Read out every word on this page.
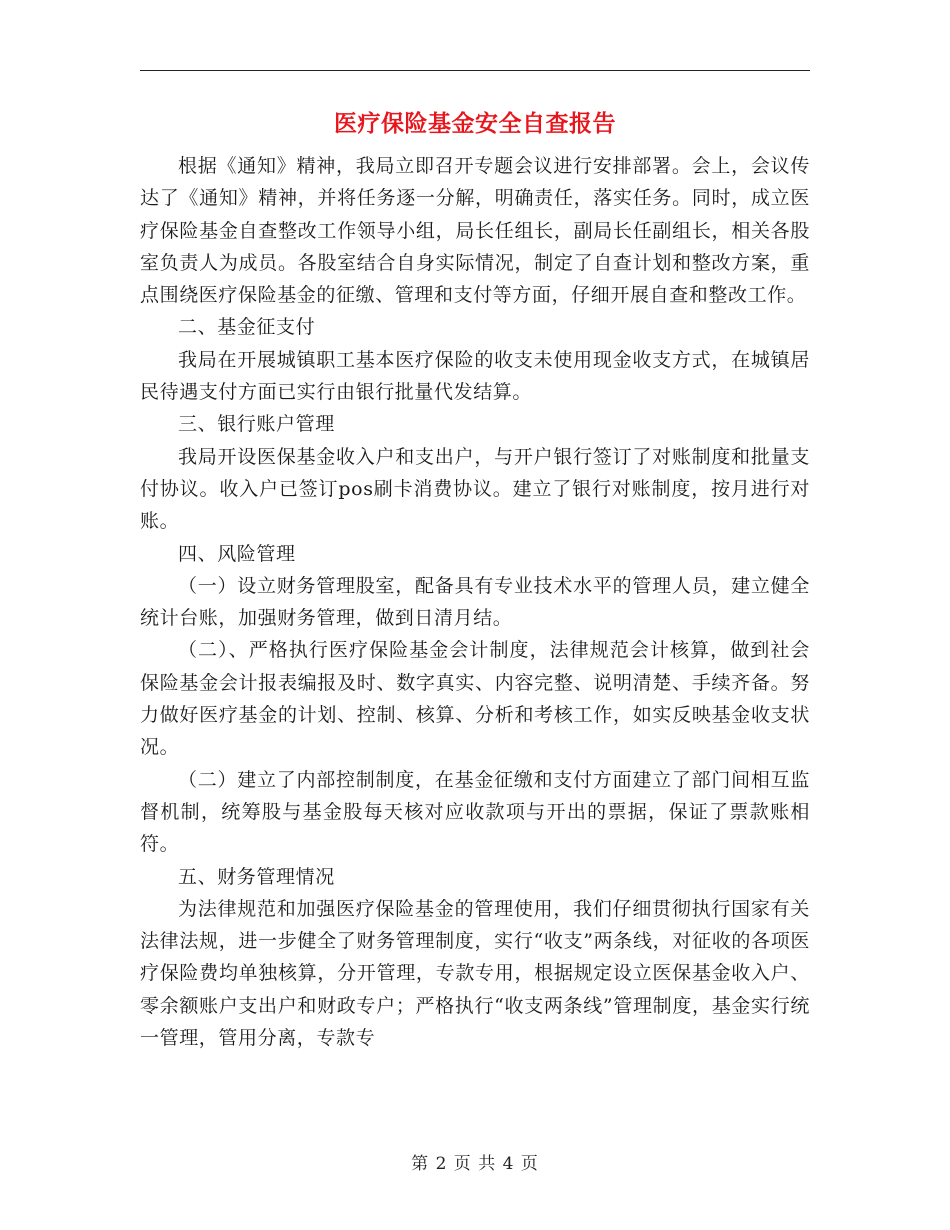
医疗保险基金安全自查报告

根据《通知》精神，我局立即召开专题会议进行安排部署。会上，会议传达了《通知》精神，并将任务逐一分解，明确责任，落实任务。同时，成立医疗保险基金自查整改工作领导小组，局长任组长，副局长任副组长，相关各股室负责人为成员。各股室结合自身实际情况，制定了自查计划和整改方案，重点围绕医疗保险基金的征缴、管理和支付等方面，仔细开展自查和整改工作。

二、基金征支付

我局在开展城镇职工基本医疗保险的收支未使用现金收支方式，在城镇居民待遇支付方面已实行由银行批量代发结算。

三、银行账户管理

我局开设医保基金收入户和支出户，与开户银行签订了对账制度和批量支付协议。收入户已签订pos刷卡消费协议。建立了银行对账制度，按月进行对账。

四、风险管理

（一）设立财务管理股室，配备具有专业技术水平的管理人员，建立健全统计台账，加强财务管理，做到日清月结。

（二）、严格执行医疗保险基金会计制度，法律规范会计核算，做到社会保险基金会计报表编报及时、数字真实、内容完整、说明清楚、手续齐备。努力做好医疗基金的计划、控制、核算、分析和考核工作，如实反映基金收支状况。

（二）建立了内部控制制度，在基金征缴和支付方面建立了部门间相互监督机制，统筹股与基金股每天核对应收款项与开出的票据，保证了票款账相符。

五、财务管理情况

为法律规范和加强医疗保险基金的管理使用，我们仔细贯彻执行国家有关法律法规，进一步健全了财务管理制度，实行“收支”两条线，对征收的各项医疗保险费均单独核算，分开管理，专款专用，根据规定设立医保基金收入户、零余额账户支出户和财政专户；严格执行“收支两条线”管理制度，基金实行统一管理，管用分离，专款专

第 2 页 共 4 页
